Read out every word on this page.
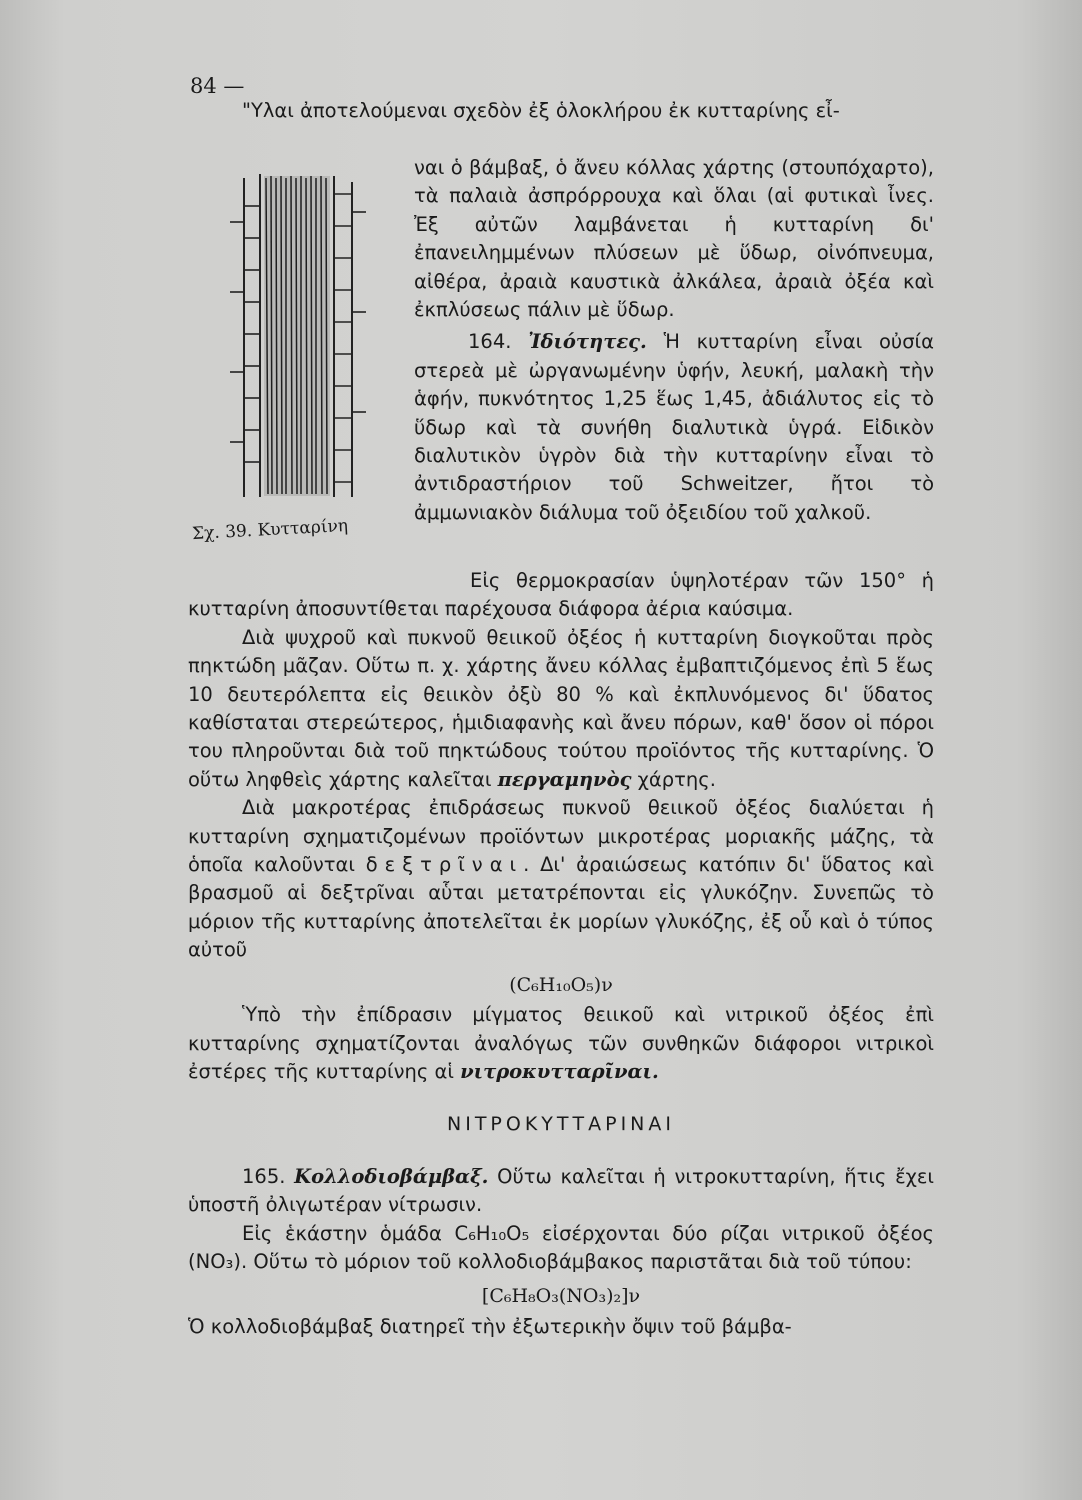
84 —

"Υλαι ἀποτελούμεναι σχεδὸν ἐξ ὁλοκλήρου ἐκ κυτταρίνης εἶ-

Σχ. 39. Κυτταρίνη

ναι ὁ βάμβαξ, ὁ ἄνευ κόλλας χάρτης (στουπόχαρτο), τὰ παλαιὰ ἀσπρόρρουχα καὶ ὅλαι (αἱ φυτικαὶ ἶνες. Ἐξ αὐτῶν λαμβάνεται ἡ κυτταρίνη δι' ἐπανειλημμένων πλύσεων μὲ ὕδωρ, οἰνόπνευμα, αἰθέρα, ἀραιὰ καυστικὰ ἀλκάλεα, ἀραιὰ ὀξέα καὶ ἐκπλύσεως πάλιν μὲ ὕδωρ.

164. Ἰδιότητες. Ἡ κυτταρίνη εἶναι οὐσία στερεὰ μὲ ὠργανωμένην ὑφήν, λευκή, μαλακὴ τὴν ἁφήν, πυκνότητος 1,25 ἕως 1,45, ἀδιάλυτος εἰς τὸ ὕδωρ καὶ τὰ συνήθη διαλυτικὰ ὑγρά. Εἰδικὸν διαλυτικὸν ὑγρὸν διὰ τὴν κυτταρίνην εἶναι τὸ ἀντιδραστήριον τοῦ Schweitzer, ἤτοι τὸ ἀμμωνιακὸν διάλυμα τοῦ ὀξειδίου τοῦ χαλκοῦ.

Εἰς θερμοκρασίαν ὑψηλοτέραν τῶν 150° ἡ κυτταρίνη ἀποσυντίθεται παρέχουσα διάφορα ἀέρια καύσιμα.

Διὰ ψυχροῦ καὶ πυκνοῦ θειικοῦ ὀξέος ἡ κυτταρίνη διογκοῦται πρὸς πηκτώδη μᾶζαν. Οὕτω π. χ. χάρτης ἄνευ κόλλας ἐμβαπτιζόμενος ἐπὶ 5 ἕως 10 δευτερόλεπτα εἰς θειικὸν ὀξὺ 80 % καὶ ἐκπλυνόμενος δι' ὕδατος καθίσταται στερεώτερος, ἡμιδιαφανὴς καὶ ἄνευ πόρων, καθ' ὅσον οἱ πόροι του πληροῦνται διὰ τοῦ πηκτώδους τούτου προϊόντος τῆς κυτταρίνης. Ὁ οὕτω ληφθεὶς χάρτης καλεῖται περγαμηνὸς χάρτης.

Διὰ μακροτέρας ἐπιδράσεως πυκνοῦ θειικοῦ ὀξέος διαλύεται ἡ κυτταρίνη σχηματιζομένων προϊόντων μικροτέρας μοριακῆς μάζης, τὰ ὁποῖα καλοῦνται δεξτρῖναι. Δι' ἀραιώσεως κατόπιν δι' ὕδατος καὶ βρασμοῦ αἱ δεξτρῖναι αὗται μετατρέπονται εἰς γλυκόζην. Συνεπῶς τὸ μόριον τῆς κυτταρίνης ἀποτελεῖται ἐκ μορίων γλυκόζης, ἐξ οὗ καὶ ὁ τύπος αὐτοῦ

(C₆H₁₀O₅)ν

Ὑπὸ τὴν ἐπίδρασιν μίγματος θειικοῦ καὶ νιτρικοῦ ὀξέος ἐπὶ κυτταρίνης σχηματίζονται ἀναλόγως τῶν συνθηκῶν διάφοροι νιτρικοὶ ἐστέρες τῆς κυτταρίνης αἱ νιτροκυτταρῖναι.

ΝΙΤΡΟΚΥΤΤΑΡΙΝΑΙ

165. Κολλοδιοβάμβαξ. Οὕτω καλεῖται ἡ νιτροκυτταρίνη, ἥτις ἔχει ὑποστῆ ὀλιγωτέραν νίτρωσιν.

Εἰς ἑκάστην ὁμάδα C₆H₁₀O₅ εἰσέρχονται δύο ρίζαι νιτρικοῦ ὀξέος (NO₃). Οὕτω τὸ μόριον τοῦ κολλοδιοβάμβακος παριστᾶται διὰ τοῦ τύπου:

[C₆H₈O₃(NO₃)₂]ν

Ὁ κολλοδιοβάμβαξ διατηρεῖ τὴν ἐξωτερικὴν ὄψιν τοῦ βάμβα-
